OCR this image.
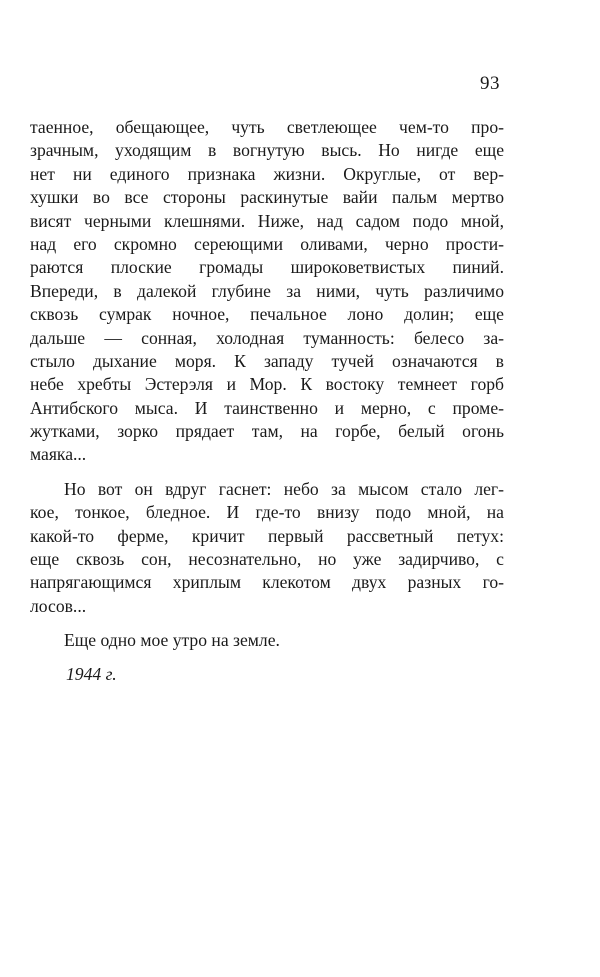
93
таенное, обещающее, чуть светлеющее чем-то про-
зрачным, уходящим в вогнутую высь. Но нигде еще
нет ни единого признака жизни. Округлые, от вер-
хушки во все стороны раскинутые вайи пальм мертво
висят черными клешнями. Ниже, над садом подо мной,
над его скромно сереющими оливами, черно прости-
раются плоские громады широковетвистых пиний.
Впереди, в далекой глубине за ними, чуть различимо
сквозь сумрак ночное, печальное лоно долин; еще
дальше — сонная, холодная туманность: белесо за-
стыло дыхание моря. К западу тучей означаются в
небе хребты Эстерэля и Мор. К востоку темнеет горб
Антибского мыса. И таинственно и мерно, с проме-
жутками, зорко прядает там, на горбе, белый огонь
маяка...
Но вот он вдруг гаснет: небо за мысом стало лег-
кое, тонкое, бледное. И где-то внизу подо мной, на
какой-то ферме, кричит первый рассветный петух:
еще сквозь сон, несознательно, но уже задирчиво, с
напрягающимся хриплым клекотом двух разных го-
лосов...
Еще одно мое утро на земле.
1944 г.
